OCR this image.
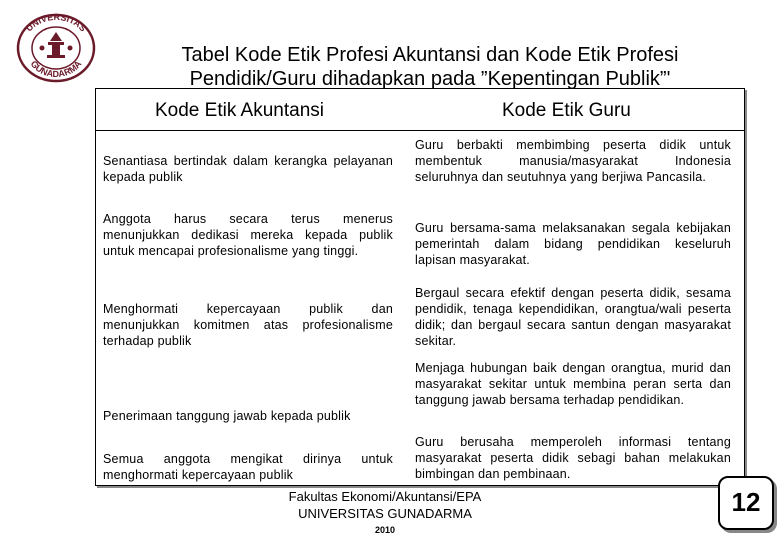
UNIVERSITAS
GUNADARMA	Tabel Kode Etik Profesi Akuntansi dan Kode Etik Profesi
Pendidik/Guru dihadapkan pada ”Kepentingan Publik”'
Kode Etik Akuntansi	Kode Etik Guru
Senantiasa bertindak dalam kerangka pelayanan kepada publik
Guru berbakti membimbing peserta didik untuk membentuk manusia/masyarakat Indonesia seluruhnya dan seutuhnya yang berjiwa Pancasila.
Anggota harus secara terus menerus menunjukkan dedikasi mereka kepada publik untuk mencapai profesionalisme yang tinggi.
Guru bersama-sama melaksanakan segala kebijakan pemerintah dalam bidang pendidikan keseluruh lapisan masyarakat.
Menghormati kepercayaan publik dan menunjukkan komitmen atas profesionalisme terhadap publik
Bergaul secara efektif dengan peserta didik, sesama pendidik, tenaga kependidikan, orangtua/wali peserta didik; dan bergaul secara santun dengan masyarakat sekitar.
Penerimaan tanggung jawab kepada publik
Menjaga hubungan baik dengan orangtua, murid dan masyarakat sekitar untuk membina peran serta dan tanggung jawab bersama terhadap pendidikan.
Semua anggota mengikat dirinya untuk menghormati kepercayaan publik
Guru berusaha memperoleh informasi tentang masyarakat peserta didik sebagi bahan melakukan bimbingan dan pembinaan.
Fakultas Ekonomi/Akuntansi/EPA
UNIVERSITAS GUNADARMA
2010
12
